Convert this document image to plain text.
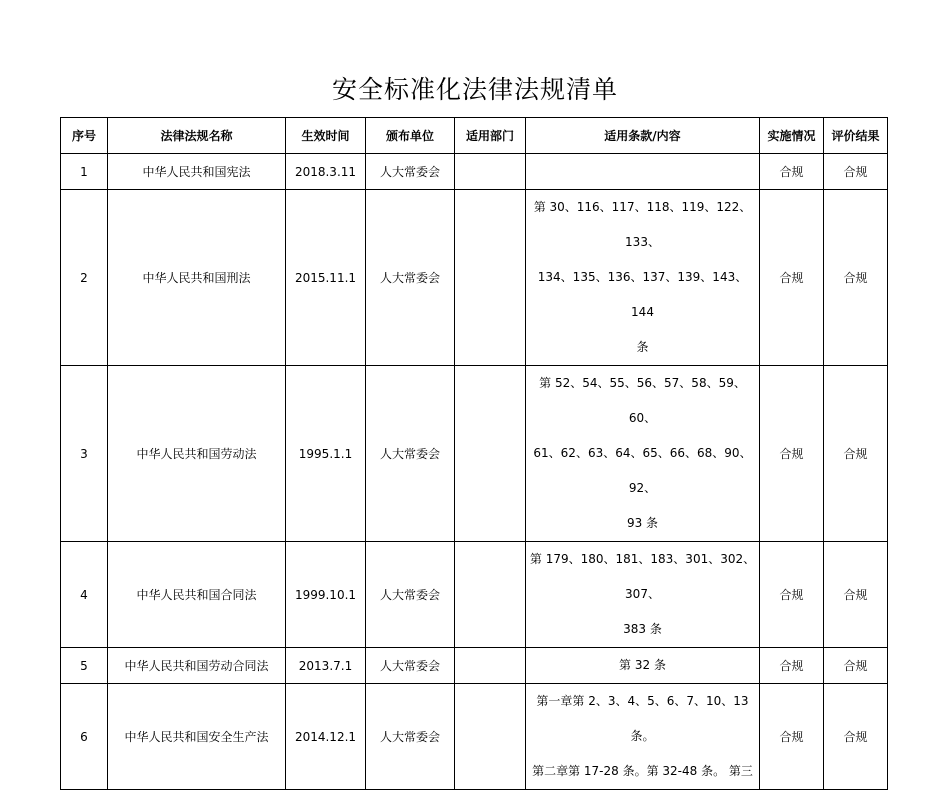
安全标准化法律法规清单
序号	法律法规名称	生效时间	颁布单位	适用部门	适用条款/内容	实施情况	评价结果
1	中华人民共和国宪法	2018.3.11	人大常委会			合规	合规
2	中华人民共和国刑法	2015.11.1	人大常委会		第 30、116、117、118、119、122、133、
134、135、136、137、139、143、144
条	合规	合规
3	中华人民共和国劳动法	1995.1.1	人大常委会		第 52、54、55、56、57、58、59、60、
61、62、63、64、65、66、68、90、92、
93 条	合规	合规
4	中华人民共和国合同法	1999.10.1	人大常委会		第 179、180、181、183、301、302、307、
383 条	合规	合规
5	中华人民共和国劳动合同法	2013.7.1	人大常委会		第 32 条	合规	合规
6	中华人民共和国安全生产法	2014.12.1	人大常委会		第一章第 2、3、4、5、6、7、10、13 条。
第二章第 17-28 条。第 32-48 条。 第三	合规	合规
